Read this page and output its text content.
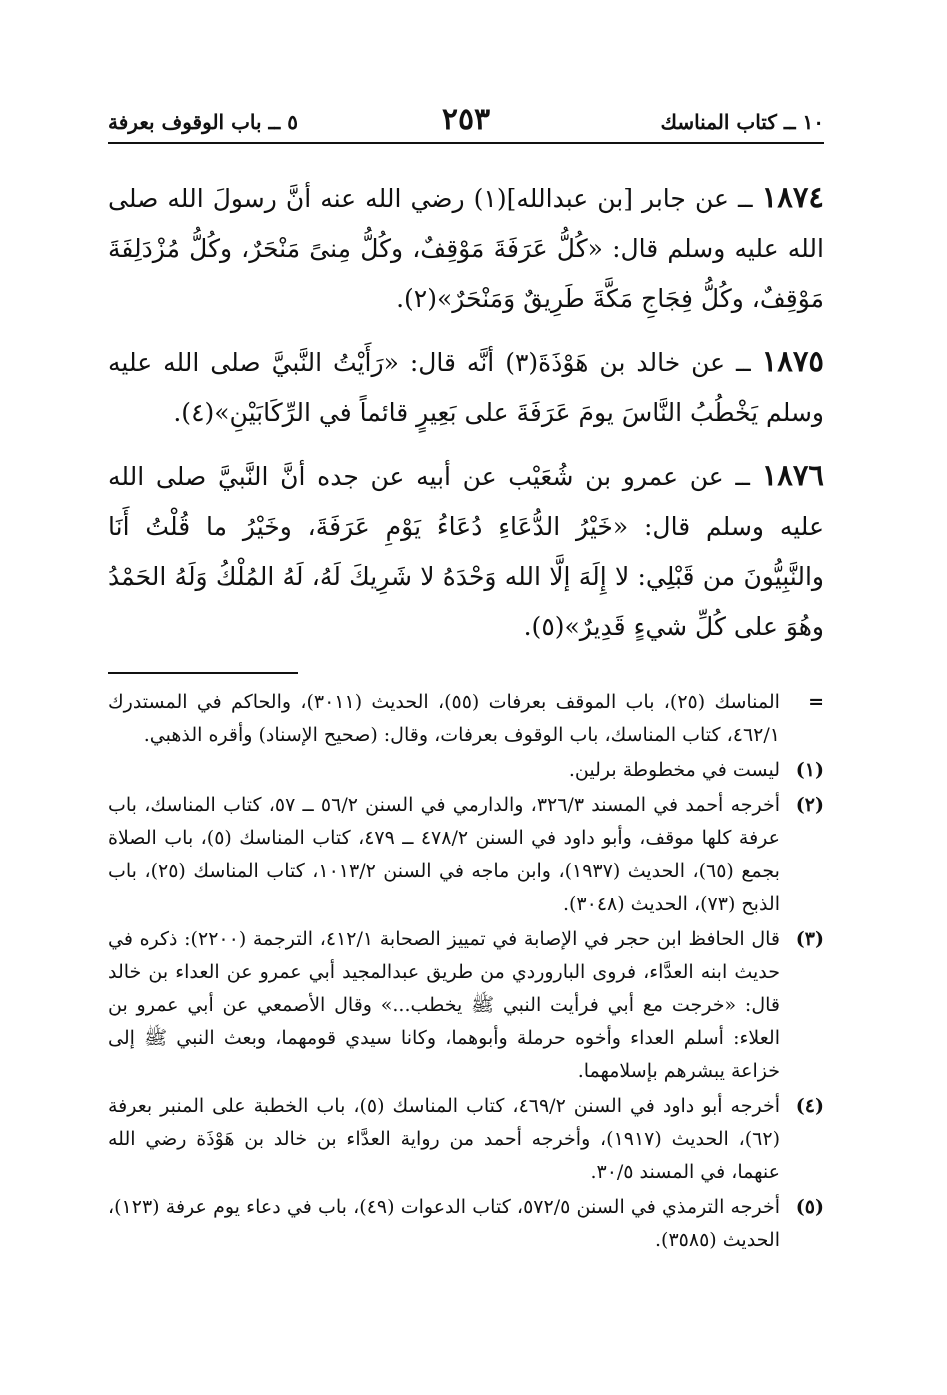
١٠ ــ كتاب المناسك
٢٥٣
٥ ــ باب الوقوف بعرفة

١٨٧٤ ــ عن جابر [بن عبدالله](١) رضي الله عنه أنَّ رسولَ الله صلى الله عليه وسلم قال: «كُلُّ عَرَفَةَ مَوْقِفٌ، وكُلُّ مِنىً مَنْحَرٌ، وكُلُّ مُزْدَلِفَةَ مَوْقِفٌ، وكُلُّ فِجَاجِ مَكَّةَ طَرِيقٌ وَمَنْحَرٌ»(٢).

١٨٧٥ ــ عن خالد بن هَوْذَةَ(٣) أنَّه قال: «رَأَيْتُ النَّبيَّ صلى الله عليه وسلم يَخْطُبُ النَّاسَ يومَ عَرَفَةَ على بَعِيرٍ قائماً في الرِّكَابَيْنِ»(٤).

١٨٧٦ ــ عن عمرو بن شُعَيْب عن أبيه عن جده أنَّ النَّبيَّ صلى الله عليه وسلم قال: «خَيْرُ الدُّعَاءِ دُعَاءُ يَوْمِ عَرَفَةَ، وخَيْرُ ما قُلْتُ أَنَا والنَّبِيُّونَ من قَبْلِي: لا إِلَهَ إلَّا الله وَحْدَهُ لا شَرِيكَ لَهُ، لَهُ المُلْكُ وَلَهُ الحَمْدُ وهُوَ على كُلِّ شيءٍ قَدِيرٌ»(٥).

=
المناسك (٢٥)، باب الموقف بعرفات (٥٥)، الحديث (٣٠١١)، والحاكم في المستدرك ٤٦٢/١، كتاب المناسك، باب الوقوف بعرفات، وقال: (صحيح الإسناد) وأقره الذهبي.
(١)
ليست في مخطوطة برلين.
(٢)
أخرجه أحمد في المسند ٣٢٦/٣، والدارمي في السنن ٥٦/٢ ــ ٥٧، كتاب المناسك، باب عرفة كلها موقف، وأبو داود في السنن ٤٧٨/٢ ــ ٤٧٩، كتاب المناسك (٥)، باب الصلاة بجمع (٦٥)، الحديث (١٩٣٧)، وابن ماجه في السنن ١٠١٣/٢، كتاب المناسك (٢٥)، باب الذبح (٧٣)، الحديث (٣٠٤٨).
(٣)
قال الحافظ ابن حجر في الإصابة في تمييز الصحابة ٤١٢/١، الترجمة (٢٢٠٠): ذكره في حديث ابنه العدَّاء، فروى الباروردي من طريق عبدالمجيد أبي عمرو عن العداء بن خالد قال: «خرجت مع أبي فرأيت النبي ﷺ يخطب...» وقال الأصمعي عن أبي عمرو بن العلاء: أسلم العداء وأخوه حرملة وأبوهما، وكانا سيدي قومهما، وبعث النبي ﷺ إلى خزاعة يبشرهم بإسلامهما.
(٤)
أخرجه أبو داود في السنن ٤٦٩/٢، كتاب المناسك (٥)، باب الخطبة على المنبر بعرفة (٦٢)، الحديث (١٩١٧)، وأخرجه أحمد من رواية العدَّاء بن خالد بن هَوْذَة رضي الله عنهما، في المسند ٣٠/٥.
(٥)
أخرجه الترمذي في السنن ٥٧٢/٥، كتاب الدعوات (٤٩)، باب في دعاء يوم عرفة (١٢٣)، الحديث (٣٥٨٥).
